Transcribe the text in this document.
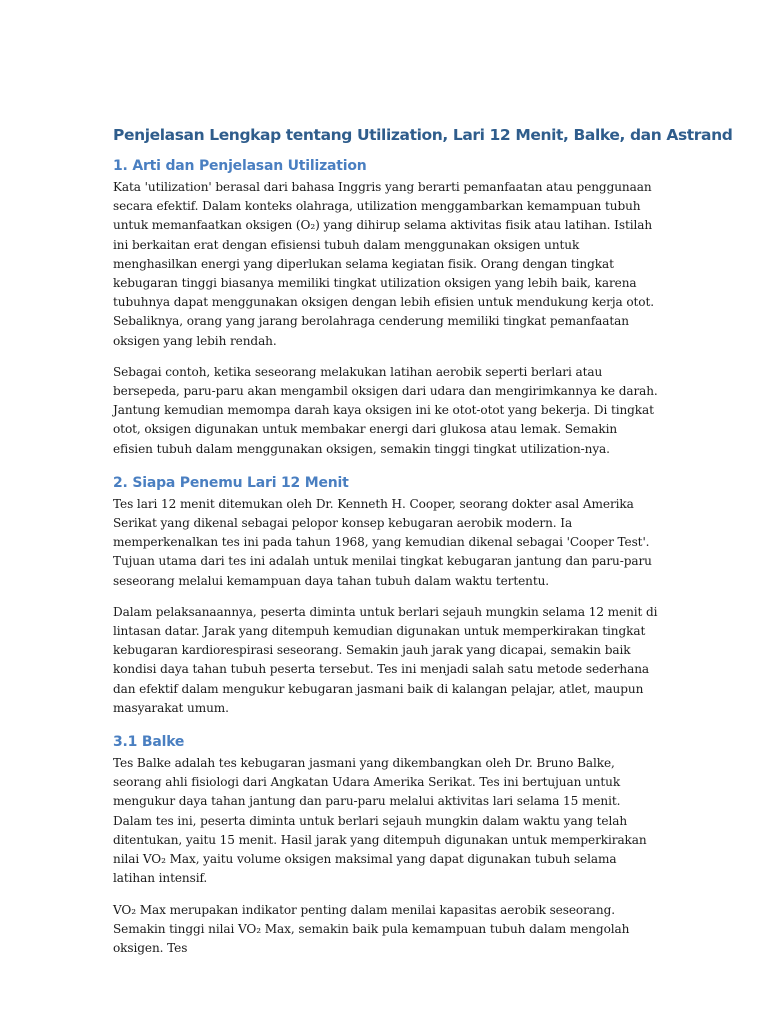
Penjelasan Lengkap tentang Utilization, Lari 12 Menit, Balke, dan Astrand
1. Arti dan Penjelasan Utilization

Kata 'utilization' berasal dari bahasa Inggris yang berarti pemanfaatan atau penggunaan secara efektif. Dalam konteks olahraga, utilization menggambarkan kemampuan tubuh untuk memanfaatkan oksigen (O₂) yang dihirup selama aktivitas fisik atau latihan. Istilah ini berkaitan erat dengan efisiensi tubuh dalam menggunakan oksigen untuk menghasilkan energi yang diperlukan selama kegiatan fisik. Orang dengan tingkat kebugaran tinggi biasanya memiliki tingkat utilization oksigen yang lebih baik, karena tubuhnya dapat menggunakan oksigen dengan lebih efisien untuk mendukung kerja otot. Sebaliknya, orang yang jarang berolahraga cenderung memiliki tingkat pemanfaatan oksigen yang lebih rendah.

Sebagai contoh, ketika seseorang melakukan latihan aerobik seperti berlari atau bersepeda, paru-paru akan mengambil oksigen dari udara dan mengirimkannya ke darah. Jantung kemudian memompa darah kaya oksigen ini ke otot-otot yang bekerja. Di tingkat otot, oksigen digunakan untuk membakar energi dari glukosa atau lemak. Semakin efisien tubuh dalam menggunakan oksigen, semakin tinggi tingkat utilization-nya.

2. Siapa Penemu Lari 12 Menit

Tes lari 12 menit ditemukan oleh Dr. Kenneth H. Cooper, seorang dokter asal Amerika Serikat yang dikenal sebagai pelopor konsep kebugaran aerobik modern. Ia memperkenalkan tes ini pada tahun 1968, yang kemudian dikenal sebagai 'Cooper Test'. Tujuan utama dari tes ini adalah untuk menilai tingkat kebugaran jantung dan paru-paru seseorang melalui kemampuan daya tahan tubuh dalam waktu tertentu.

Dalam pelaksanaannya, peserta diminta untuk berlari sejauh mungkin selama 12 menit di lintasan datar. Jarak yang ditempuh kemudian digunakan untuk memperkirakan tingkat kebugaran kardiorespirasi seseorang. Semakin jauh jarak yang dicapai, semakin baik kondisi daya tahan tubuh peserta tersebut. Tes ini menjadi salah satu metode sederhana dan efektif dalam mengukur kebugaran jasmani baik di kalangan pelajar, atlet, maupun masyarakat umum.

3.1 Balke

Tes Balke adalah tes kebugaran jasmani yang dikembangkan oleh Dr. Bruno Balke, seorang ahli fisiologi dari Angkatan Udara Amerika Serikat. Tes ini bertujuan untuk mengukur daya tahan jantung dan paru-paru melalui aktivitas lari selama 15 menit. Dalam tes ini, peserta diminta untuk berlari sejauh mungkin dalam waktu yang telah ditentukan, yaitu 15 menit. Hasil jarak yang ditempuh digunakan untuk memperkirakan nilai VO₂ Max, yaitu volume oksigen maksimal yang dapat digunakan tubuh selama latihan intensif.

VO₂ Max merupakan indikator penting dalam menilai kapasitas aerobik seseorang. Semakin tinggi nilai VO₂ Max, semakin baik pula kemampuan tubuh dalam mengolah oksigen. Tes
